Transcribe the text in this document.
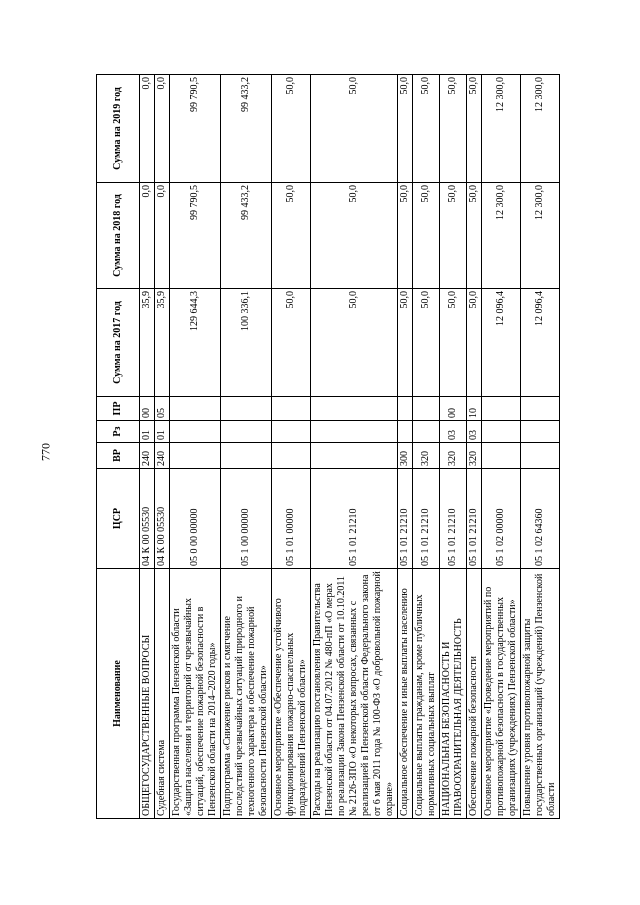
770
Наименование	ЦСР	ВР	Рз	ПР	Сумма на 2017 год	Сумма на 2018 год	Сумма на 2019 год
ОБЩЕГОСУДАРСТВЕННЫЕ ВОПРОСЫ	04 К 00 05530	240	01	00	35,9	0,0	0,0
Судебная система	04 К 00 05530	240	01	05	35,9	0,0	0,0
Государственная программа Пензенской области «Защита населения и территорий от чрезвычайных ситуаций, обеспечение пожарной безопасности в Пензенской области на 2014–2020 годы»	05 0 00 00000				129 644,3	99 790,5	99 790,5
Подпрограмма «Снижение рисков и смягчение последствий чрезвычайных ситуаций природного и техногенного характера и обеспечение пожарной безопасности Пензенской области»	05 1 00 00000				100 336,1	99 433,2	99 433,2
Основное мероприятие «Обеспечение устойчивого функционирования пожарно-спасательных подразделений Пензенской области»	05 1 01 00000				50,0	50,0	50,0
Расходы на реализацию постановления Правительства Пензенской области от 04.07.2012 № 480-пП «О мерах по реализации Закона Пензенской области от 10.10.2011 № 2126-ЗПО «О некоторых вопросах, связанных с реализацией в Пензенской области Федерального закона от 6 мая 2011 года № 100-ФЗ «О добровольной пожарной охране»	05 1 01 21210				50,0	50,0	50,0
Социальное обеспечение и иные выплаты населению	05 1 01 21210	300			50,0	50,0	50,0
Социальные выплаты гражданам, кроме публичных нормативных социальных выплат	05 1 01 21210	320			50,0	50,0	50,0
НАЦИОНАЛЬНАЯ БЕЗОПАСНОСТЬ И ПРАВООХРАНИТЕЛЬНАЯ ДЕЯТЕЛЬНОСТЬ	05 1 01 21210	320	03	00	50,0	50,0	50,0
Обеспечение пожарной безопасности	05 1 01 21210	320	03	10	50,0	50,0	50,0
Основное мероприятие «Проведение мероприятий по противопожарной безопасности в государственных организациях (учреждениях) Пензенской области»	05 1 02 00000				12 096,4	12 300,0	12 300,0
Повышение уровня противопожарной защиты государственных организаций (учреждений) Пензенской области	05 1 02 64360				12 096,4	12 300,0	12 300,0
